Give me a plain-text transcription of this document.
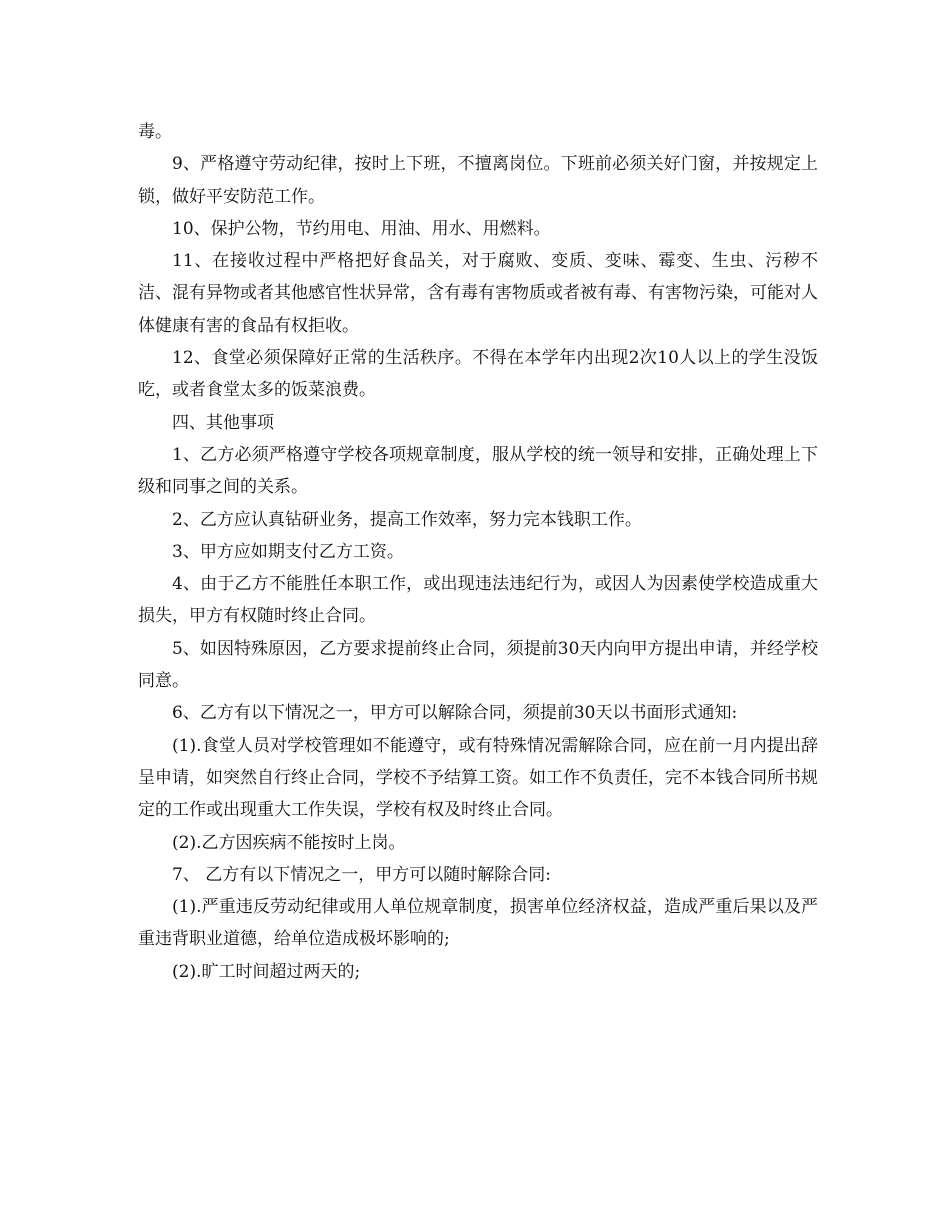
毒。

9、严格遵守劳动纪律，按时上下班，不擅离岗位。下班前必须关好门窗，并按规定上锁，做好平安防范工作。

10、保护公物，节约用电、用油、用水、用燃料。

11、在接收过程中严格把好食品关，对于腐败、变质、变味、霉变、生虫、污秽不洁、混有异物或者其他感官性状异常，含有毒有害物质或者被有毒、有害物污染，可能对人体健康有害的食品有权拒收。

12、食堂必须保障好正常的生活秩序。不得在本学年内出现2次10人以上的学生没饭吃，或者食堂太多的饭菜浪费。

四、其他事项

1、乙方必须严格遵守学校各项规章制度，服从学校的统一领导和安排，正确处理上下级和同事之间的关系。

2、乙方应认真钻研业务，提高工作效率，努力完本钱职工作。

3、甲方应如期支付乙方工资。

4、由于乙方不能胜任本职工作，或出现违法违纪行为，或因人为因素使学校造成重大损失，甲方有权随时终止合同。

5、如因特殊原因，乙方要求提前终止合同，须提前30天内向甲方提出申请，并经学校同意。

6、乙方有以下情况之一，甲方可以解除合同，须提前30天以书面形式通知:

(1).食堂人员对学校管理如不能遵守，或有特殊情况需解除合同，应在前一月内提出辞呈申请，如突然自行终止合同，学校不予结算工资。如工作不负责任，完不本钱合同所书规定的工作或出现重大工作失误，学校有权及时终止合同。

(2).乙方因疾病不能按时上岗。

7、 乙方有以下情况之一，甲方可以随时解除合同:

(1).严重违反劳动纪律或用人单位规章制度，损害单位经济权益，造成严重后果以及严重违背职业道德，给单位造成极坏影响的;

(2).旷工时间超过两天的;
